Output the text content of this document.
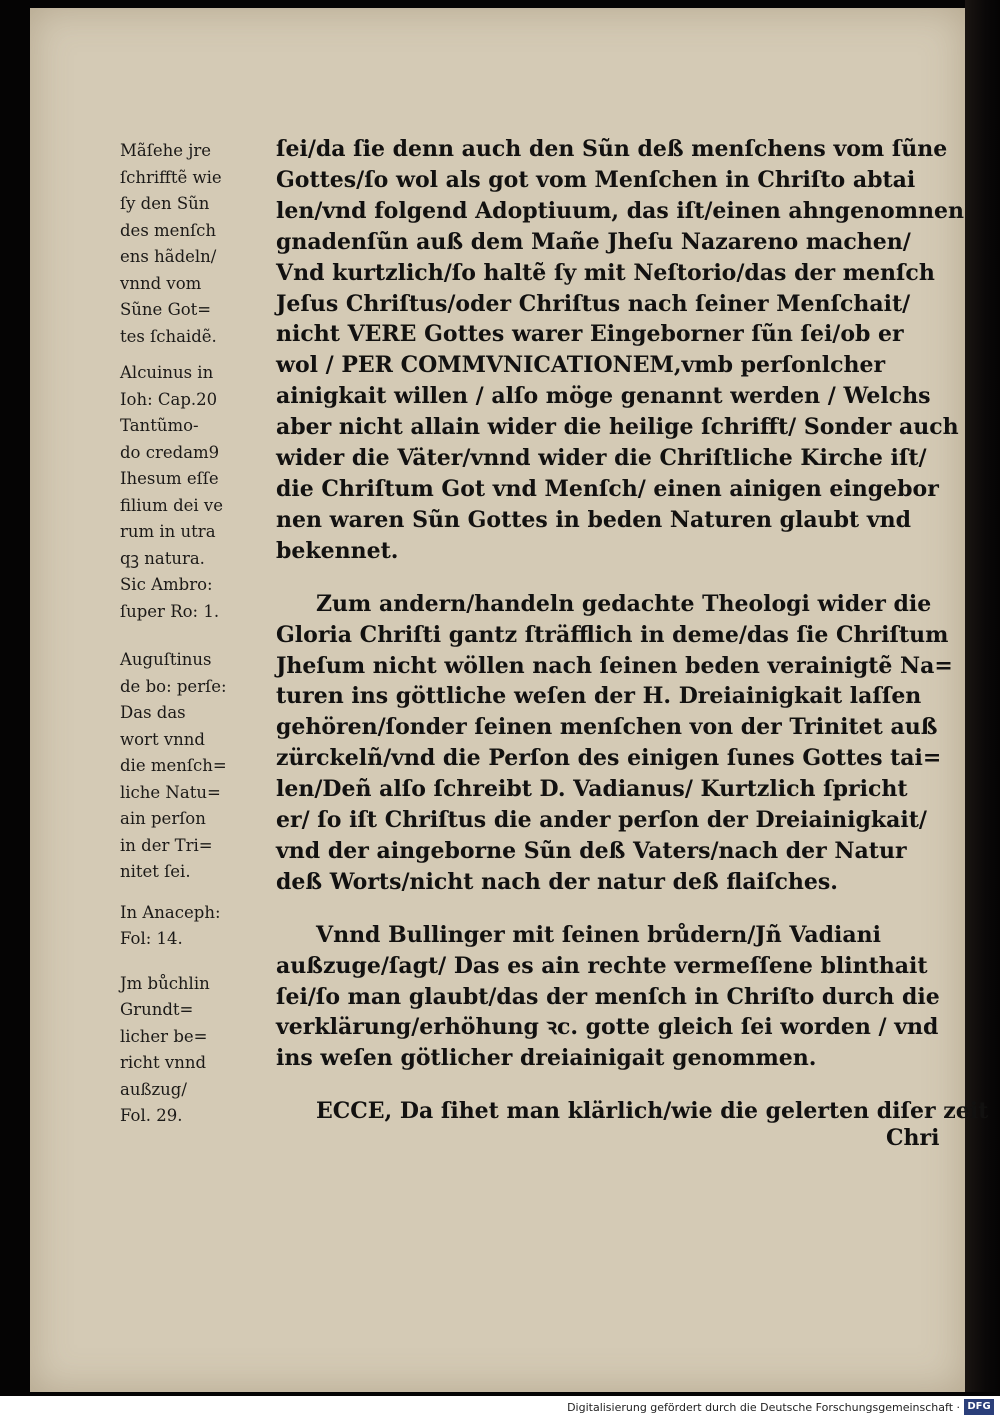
Mãſehe jre
ſchrifftẽ wie
ſy den Sũn
des menſch
ens hãdeln/
vnnd vom
Sũne Got=
tes ſchaidẽ.
Alcuinus in
Ioh: Cap.20
Tantũmo-
do credam9
Ihesum eſſe
filium dei ve
rum in utra
qꝫ natura.
Sic Ambro:
ſuper Ro: 1.
Auguſtinus
de bo: perſe:
Das das
wort vnnd
die menſch=
liche Natu=
ain perſon
in der Tri=
nitet ſei.
In Anaceph:
Fol: 14.
Jm bůchlin
Grundt=
licher be=
richt vnnd
außzug/
Fol. 29.
ſei/da ſie denn auch den Sũn deß menſchens vom ſũne
Gottes/ſo wol als got vom Menſchen in Chriſto abtai
len/vnd folgend Adoptiuum, das iſt/einen ahngenomnen
gnadenſũn auß dem Mañe Jheſu Nazareno machen/
Vnd kurtzlich/ſo haltẽ ſy mit Neſtorio/das der menſch
Jeſus Chriſtus/oder Chriſtus nach ſeiner Menſchait/
nicht VERE Gottes warer Eingeborner ſũn ſei/ob er
wol / PER COMMVNICATIONEM,vmb perſonlcher
ainigkait willen / alſo möge genannt werden / Welchs
aber nicht allain wider die heilige ſchrifft/ Sonder auch
wider die Väter/vnnd wider die Chriſtliche Kirche iſt/
die Chriſtum Got vnd Menſch/ einen ainigen eingebor
nen waren Sũn Gottes in beden Naturen glaubt vnd
bekennet.
Zum andern/handeln gedachte Theologi wider die
Gloria Chriſti gantz ſträfflich in deme/das ſie Chriſtum
Jheſum nicht wöllen nach ſeinen beden verainigtẽ Na=
turen ins göttliche weſen der H. Dreiainigkait laſſen
gehören/ſonder ſeinen menſchen von der Trinitet auß
zürckelñ/vnd die Perſon des einigen ſunes Gottes tai=
len/Deñ alſo ſchreibt D. Vadianus/ Kurtzlich ſpricht
er/ ſo iſt Chriſtus die ander perſon der Dreiainigkait/
vnd der aingeborne Sũn deß Vaters/nach der Natur
deß Worts/nicht nach der natur deß flaiſches.
Vnnd Bullinger mit ſeinen brůdern/Jñ Vadiani
außzuge/ſagt/ Das es ain rechte vermeſſene blinthait
ſei/ſo man glaubt/das der menſch in Chriſto durch die
verklärung/erhöhung ꝛc. gotte gleich ſei worden / vnd
ins weſen götlicher dreiainigait genommen.
ECCE, Da ſihet man klärlich/wie die gelerten diſer zeit
Chri
Digitalisierung gefördert durch die Deutsche Forschungsgemeinschaft · DFG
